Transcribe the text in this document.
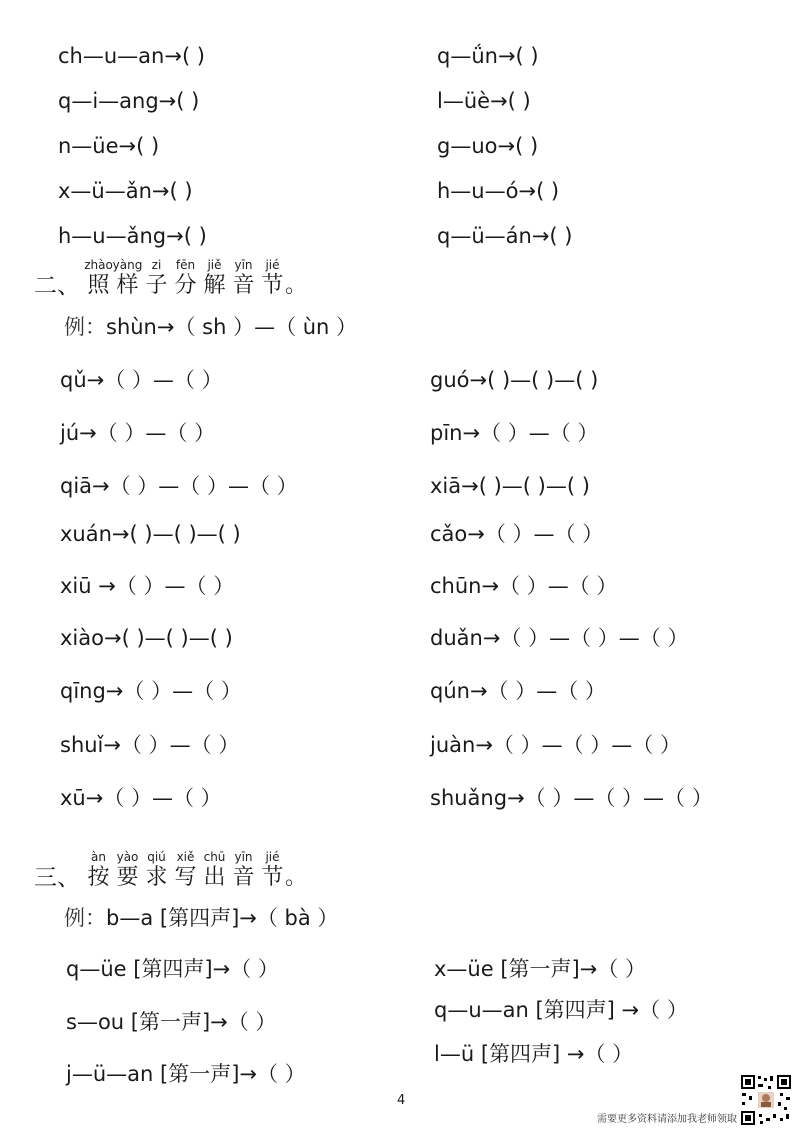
ch—u—an→( )
q—i—ang→( )
n—üe→( )
x—ü—ǎn→( )
h—u—ǎng→( )
q—ǘn→( )
l—üè→( )
g—uo→( )
h—u—ó→( )
q—ü—án→( )
二、
zhào
照
yàng
样
zi
子
fēn
分
jiě
解
yīn
音
jié
节 。
例：shùn→（ sh ）—（ ùn ）
qǔ→（ ）—（ ）
jú→（ ）—（ ）
qiā→（ ）—（ ）—（ ）
xuán→( )—( )—( )
xiū →（ ）—（ ）
xiào→( )—( )—( )
qīng→（ ）—（ ）
shuǐ→（ ）—（ ）
xū→（ ）—（ ）
guó→( )—( )—( )
pīn→（ ）—（ ）
xiā→( )—( )—( )
cǎo→（ ）—（ ）
chūn→（ ）—（ ）
duǎn→（ ）—（ ）—（ ）
qún→（ ）—（ ）
juàn→（ ）—（ ）—（ ）
shuǎng→（ ）—（ ）—（ ）
三、
àn
按
yào
要
qiú
求
xiě
写
chū
出
yīn
音
jié
节 。
例：b—a [第四声]→（ bà ）
q—üe [第四声]→（ ）
s—ou [第一声]→（ ）
j—ü—an [第一声]→（ ）
x—üe [第一声]→（ ）
q—u—an [第四声] →（ ）
l—ü [第四声] →（ ）
4
需要更多资料请添加我老师领取
